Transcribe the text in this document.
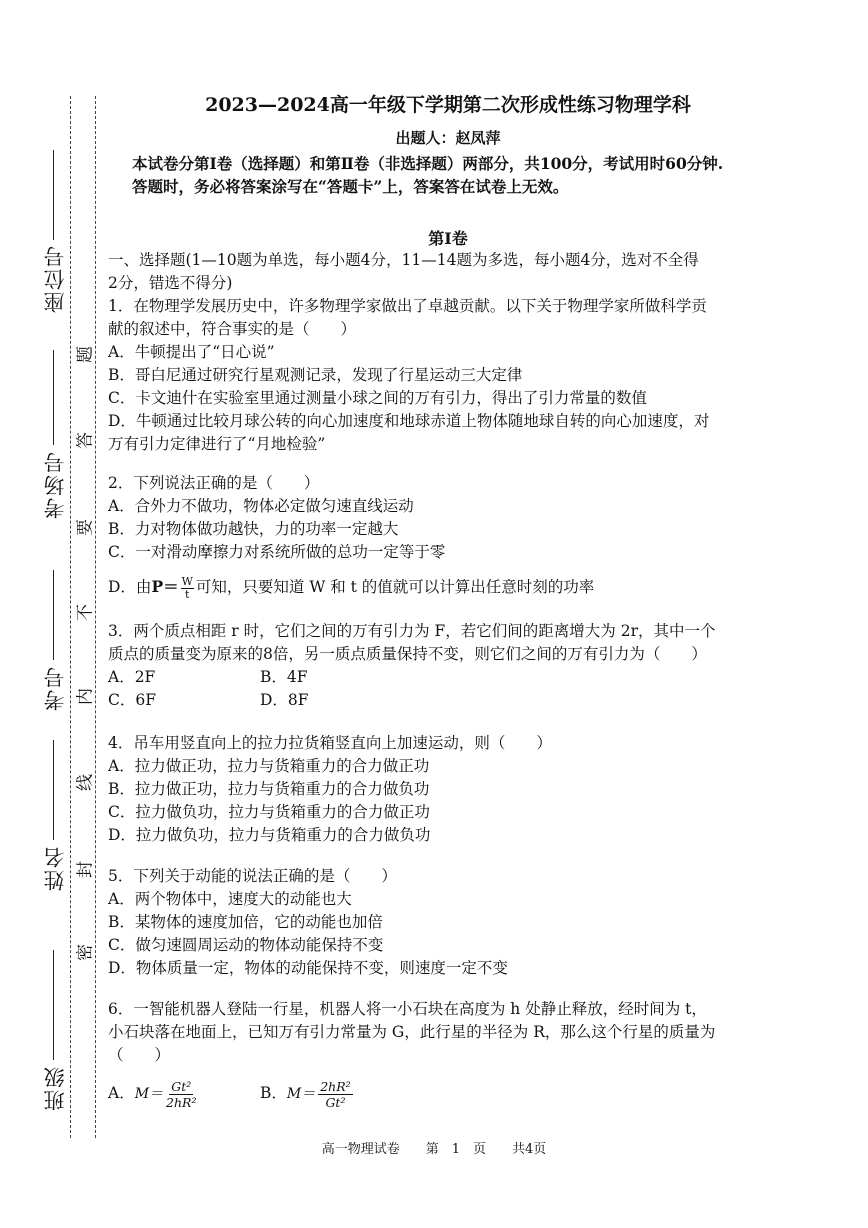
座位号
考场号
考号
姓名
班级
题
答
要
不
内
线
封
密
2023—2024高一年级下学期第二次形成性练习物理学科
出题人：赵凤萍
本试卷分第Ⅰ卷（选择题）和第Ⅱ卷（非选择题）两部分，共100分，考试用时60分钟.
答题时，务必将答案涂写在“答题卡”上，答案答在试卷上无效。
第Ⅰ卷

一、选择题(1—10题为单选，每小题4分，11—14题为多选，每小题4分，选对不全得

2分，错选不得分)

1．在物理学发展历史中，许多物理学家做出了卓越贡献。以下关于物理学家所做科学贡

献的叙述中，符合事实的是（　　）

A．牛顿提出了“日心说”

B．哥白尼通过研究行星观测记录，发现了行星运动三大定律

C．卡文迪什在实验室里通过测量小球之间的万有引力，得出了引力常量的数值

D．牛顿通过比较月球公转的向心加速度和地球赤道上物体随地球自转的向心加速度，对

万有引力定律进行了“月地检验”

2．下列说法正确的是（　　）

A．合外力不做功，物体必定做匀速直线运动

B．力对物体做功越快，力的功率一定越大

C．一对滑动摩擦力对系统所做的总功一定等于零

D．由$P= \frac{W}{t}$ 可知，只要知道 W 和 t 的值就可以计算出任意时刻的功率

3．两个质点相距 r 时，它们之间的万有引力为 F，若它们间的距离增大为 2r，其中一个

质点的质量变为原来的8倍，另一质点质量保持不变，则它们之间的万有引力为（　　）

A．2F	B．4F
C．6F	D．8F

4．吊车用竖直向上的拉力拉货箱竖直向上加速运动，则（　　）

A．拉力做正功，拉力与货箱重力的合力做正功

B．拉力做正功，拉力与货箱重力的合力做负功

C．拉力做负功，拉力与货箱重力的合力做正功

D．拉力做负功，拉力与货箱重力的合力做负功

5．下列关于动能的说法正确的是（　　）

A．两个物体中，速度大的动能也大

B．某物体的速度加倍，它的动能也加倍

C．做匀速圆周运动的物体动能保持不变

D．物体质量一定，物体的动能保持不变，则速度一定不变

6．一智能机器人登陆一行星，机器人将一小石块在高度为 h 处静止释放，经时间为 t，

小石块落在地面上，已知万有引力常量为 G，此行星的半径为 R，那么这个行星的质量为

（　　）

A．$M= \frac{\text{Gt²}}{\text{2hR²}}$	B．$M= \frac{\text{2hR²}}{\text{Gt²}}$
高一物理试卷　　第　1　页　　共4页
